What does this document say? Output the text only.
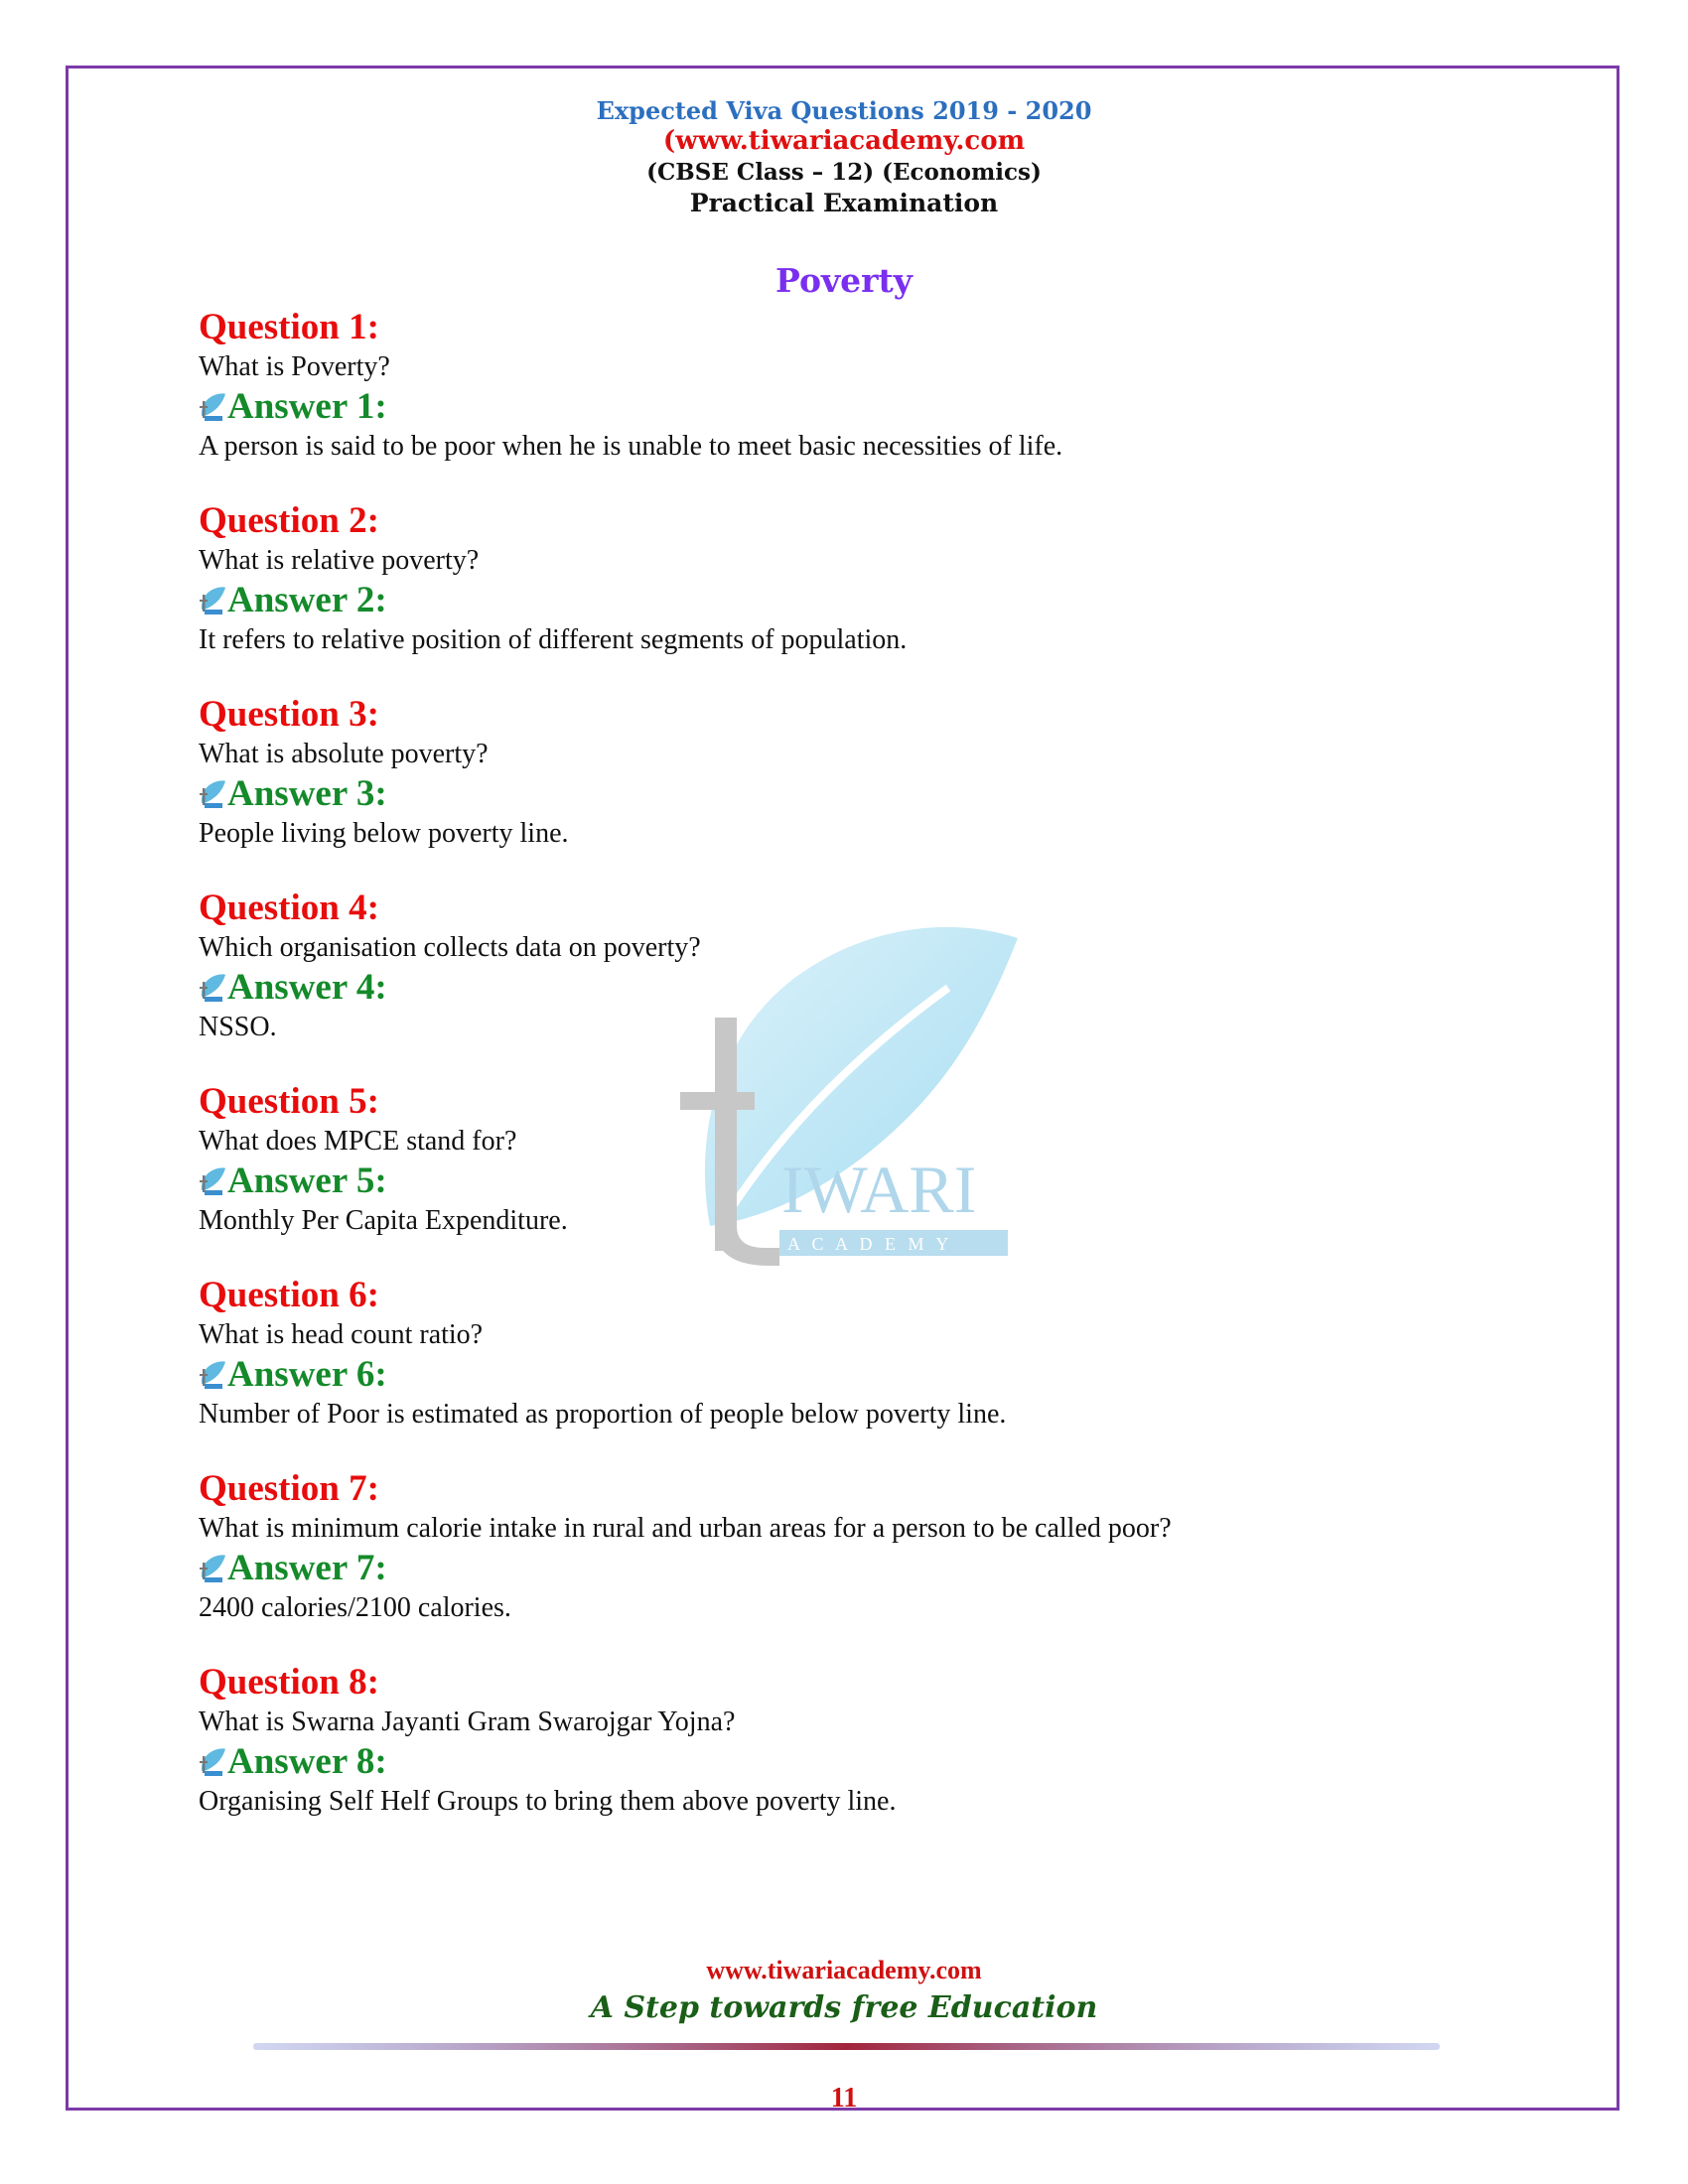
IWARI
A C A D E M Y
Expected Viva Questions 2019 - 2020
(www.tiwariacademy.com
(CBSE Class – 12) (Economics)
Practical Examination
Poverty
Question 1:
What is Poverty?
Answer 1:
A person is said to be poor when he is unable to meet basic necessities of life.
Question 2:
What is relative poverty?
Answer 2:
It refers to relative position of different segments of population.
Question 3:
What is absolute poverty?
Answer 3:
People living below poverty line.
Question 4:
Which organisation collects data on poverty?
Answer 4:
NSSO.
Question 5:
What does MPCE stand for?
Answer 5:
Monthly Per Capita Expenditure.
Question 6:
What is head count ratio?
Answer 6:
Number of Poor is estimated as proportion of people below poverty line.
Question 7:
What is minimum calorie intake in rural and urban areas for a person to be called poor?
Answer 7:
2400 calories/2100 calories.
Question 8:
What is Swarna Jayanti Gram Swarojgar Yojna?
Answer 8:
Organising Self Helf Groups to bring them above poverty line.
www.tiwariacademy.com
A Step towards free Education
11
